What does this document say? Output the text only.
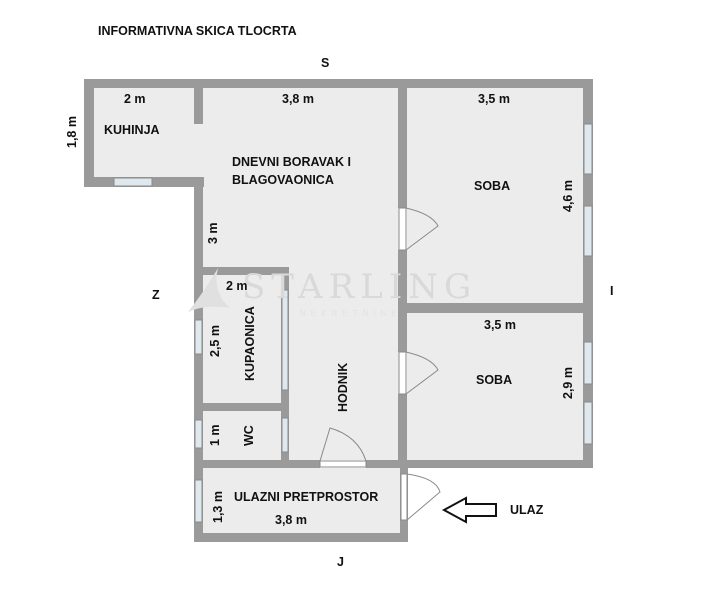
STARLING
NEKRETNINE
INFORMATIVNA SKICA TLOCRTA
S
J
Z	I
2 m
KUHINJA
1,8 m
3,8 m
DNEVNI BORAVAK I
BLAGOVAONICA
3 m
3,5 m
SOBA	4,6 m
3,5 m
SOBA	2,9 m
2 m
2,5 m KUPAONICA
1 m WC
HODNIK
ULAZNI PRETPROSTOR
3,8 m
1,3 m	ULAZ
